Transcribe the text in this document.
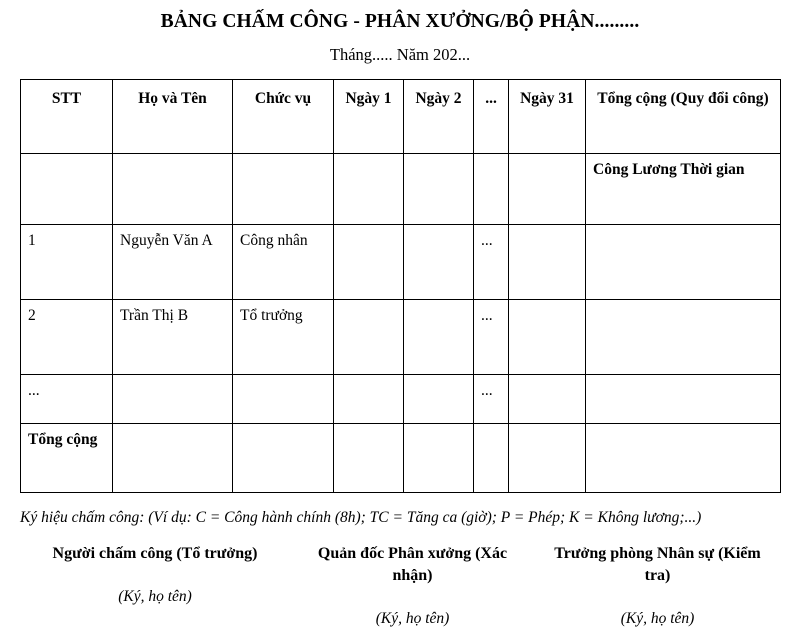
BẢNG CHẤM CÔNG - PHÂN XƯỞNG/BỘ PHẬN.........
Tháng..... Năm 202...
STT	Họ và Tên	Chức vụ	Ngày 1	Ngày 2	...	Ngày 31	Tổng cộng (Quy đổi công)
							Công Lương Thời gian
1	Nguyễn Văn A	Công nhân			...		
2	Trần Thị B	Tổ trưởng			...		
...					...		
Tổng cộng							
Ký hiệu chấm công: (Ví dụ: C = Công hành chính (8h); TC = Tăng ca (giờ); P = Phép; K = Không lương;...)
Người chấm công (Tổ trưởng)
(Ký, họ tên)
Quản đốc Phân xưởng (Xác nhận)
(Ký, họ tên)
Trưởng phòng Nhân sự (Kiểm tra)
(Ký, họ tên)
